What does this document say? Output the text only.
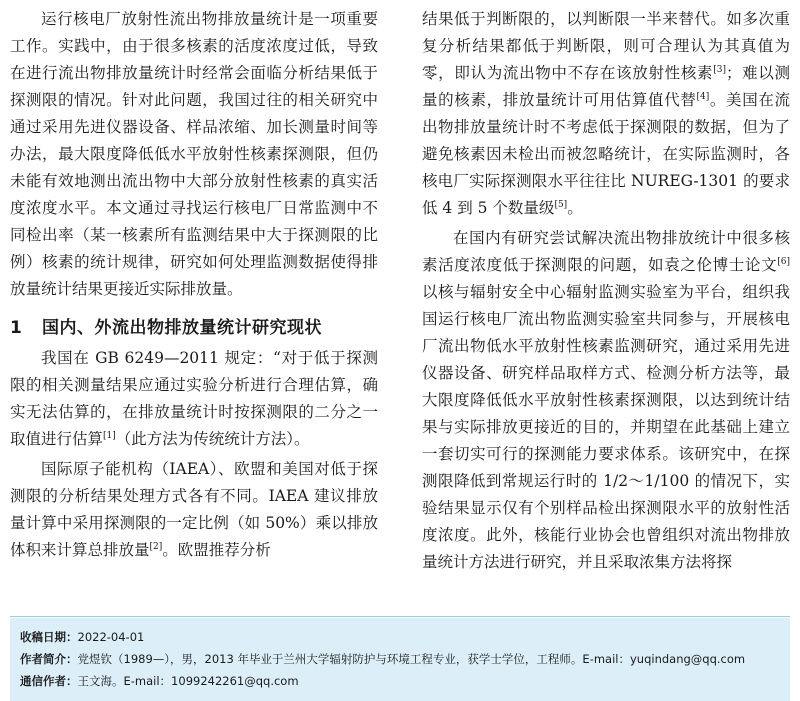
运行核电厂放射性流出物排放量统计是一项重要工作。实践中，由于很多核素的活度浓度过低，导致在进行流出物排放量统计时经常会面临分析结果低于探测限的情况。针对此问题，我国过往的相关研究中通过采用先进仪器设备、样品浓缩、加长测量时间等办法，最大限度降低低水平放射性核素探测限，但仍未能有效地测出流出物中大部分放射性核素的真实活度浓度水平。本文通过寻找运行核电厂日常监测中不同检出率（某一核素所有监测结果中大于探测限的比例）核素的统计规律，研究如何处理监测数据使得排放量统计结果更接近实际排放量。

1 国内、外流出物排放量统计研究现状

我国在 GB 6249—2011 规定：“对于低于探测限的相关测量结果应通过实验分析进行合理估算，确实无法估算的，在排放量统计时按探测限的二分之一取值进行估算[1]（此方法为传统统计方法）。

国际原子能机构（IAEA）、欧盟和美国对低于探测限的分析结果处理方式各有不同。IAEA 建议排放量计算中采用探测限的一定比例（如 50%）乘以排放体积来计算总排放量[2]。欧盟推荐分析

结果低于判断限的，以判断限一半来替代。如多次重复分析结果都低于判断限，则可合理认为其真值为零，即认为流出物中不存在该放射性核素[3]；难以测量的核素，排放量统计可用估算值代替[4]。美国在流出物排放量统计时不考虑低于探测限的数据，但为了避免核素因未检出而被忽略统计，在实际监测时，各核电厂实际探测限水平往往比 NUREG-1301 的要求低 4 到 5 个数量级[5]。

在国内有研究尝试解决流出物排放统计中很多核素活度浓度低于探测限的问题，如袁之伦博士论文[6]以核与辐射安全中心辐射监测实验室为平台，组织我国运行核电厂流出物监测实验室共同参与，开展核电厂流出物低水平放射性核素监测研究，通过采用先进仪器设备、研究样品取样方式、检测分析方法等，最大限度降低低水平放射性核素探测限，以达到统计结果与实际排放更接近的目的，并期望在此基础上建立一套切实可行的探测能力要求体系。该研究中，在探测限降低到常规运行时的 1/2～1/100 的情况下，实验结果显示仅有个别样品检出探测限水平的放射性活度浓度。此外，核能行业协会也曾组织对流出物排放量统计方法进行研究，并且采取浓集方法将探

收稿日期：2022-04-01
作者简介：党煜钦（1989—），男，2013 年毕业于兰州大学辐射防护与环境工程专业，获学士学位，工程师。E-mail：yuqindang@qq.com
通信作者：王文海。E-mail：1099242261@qq.com
